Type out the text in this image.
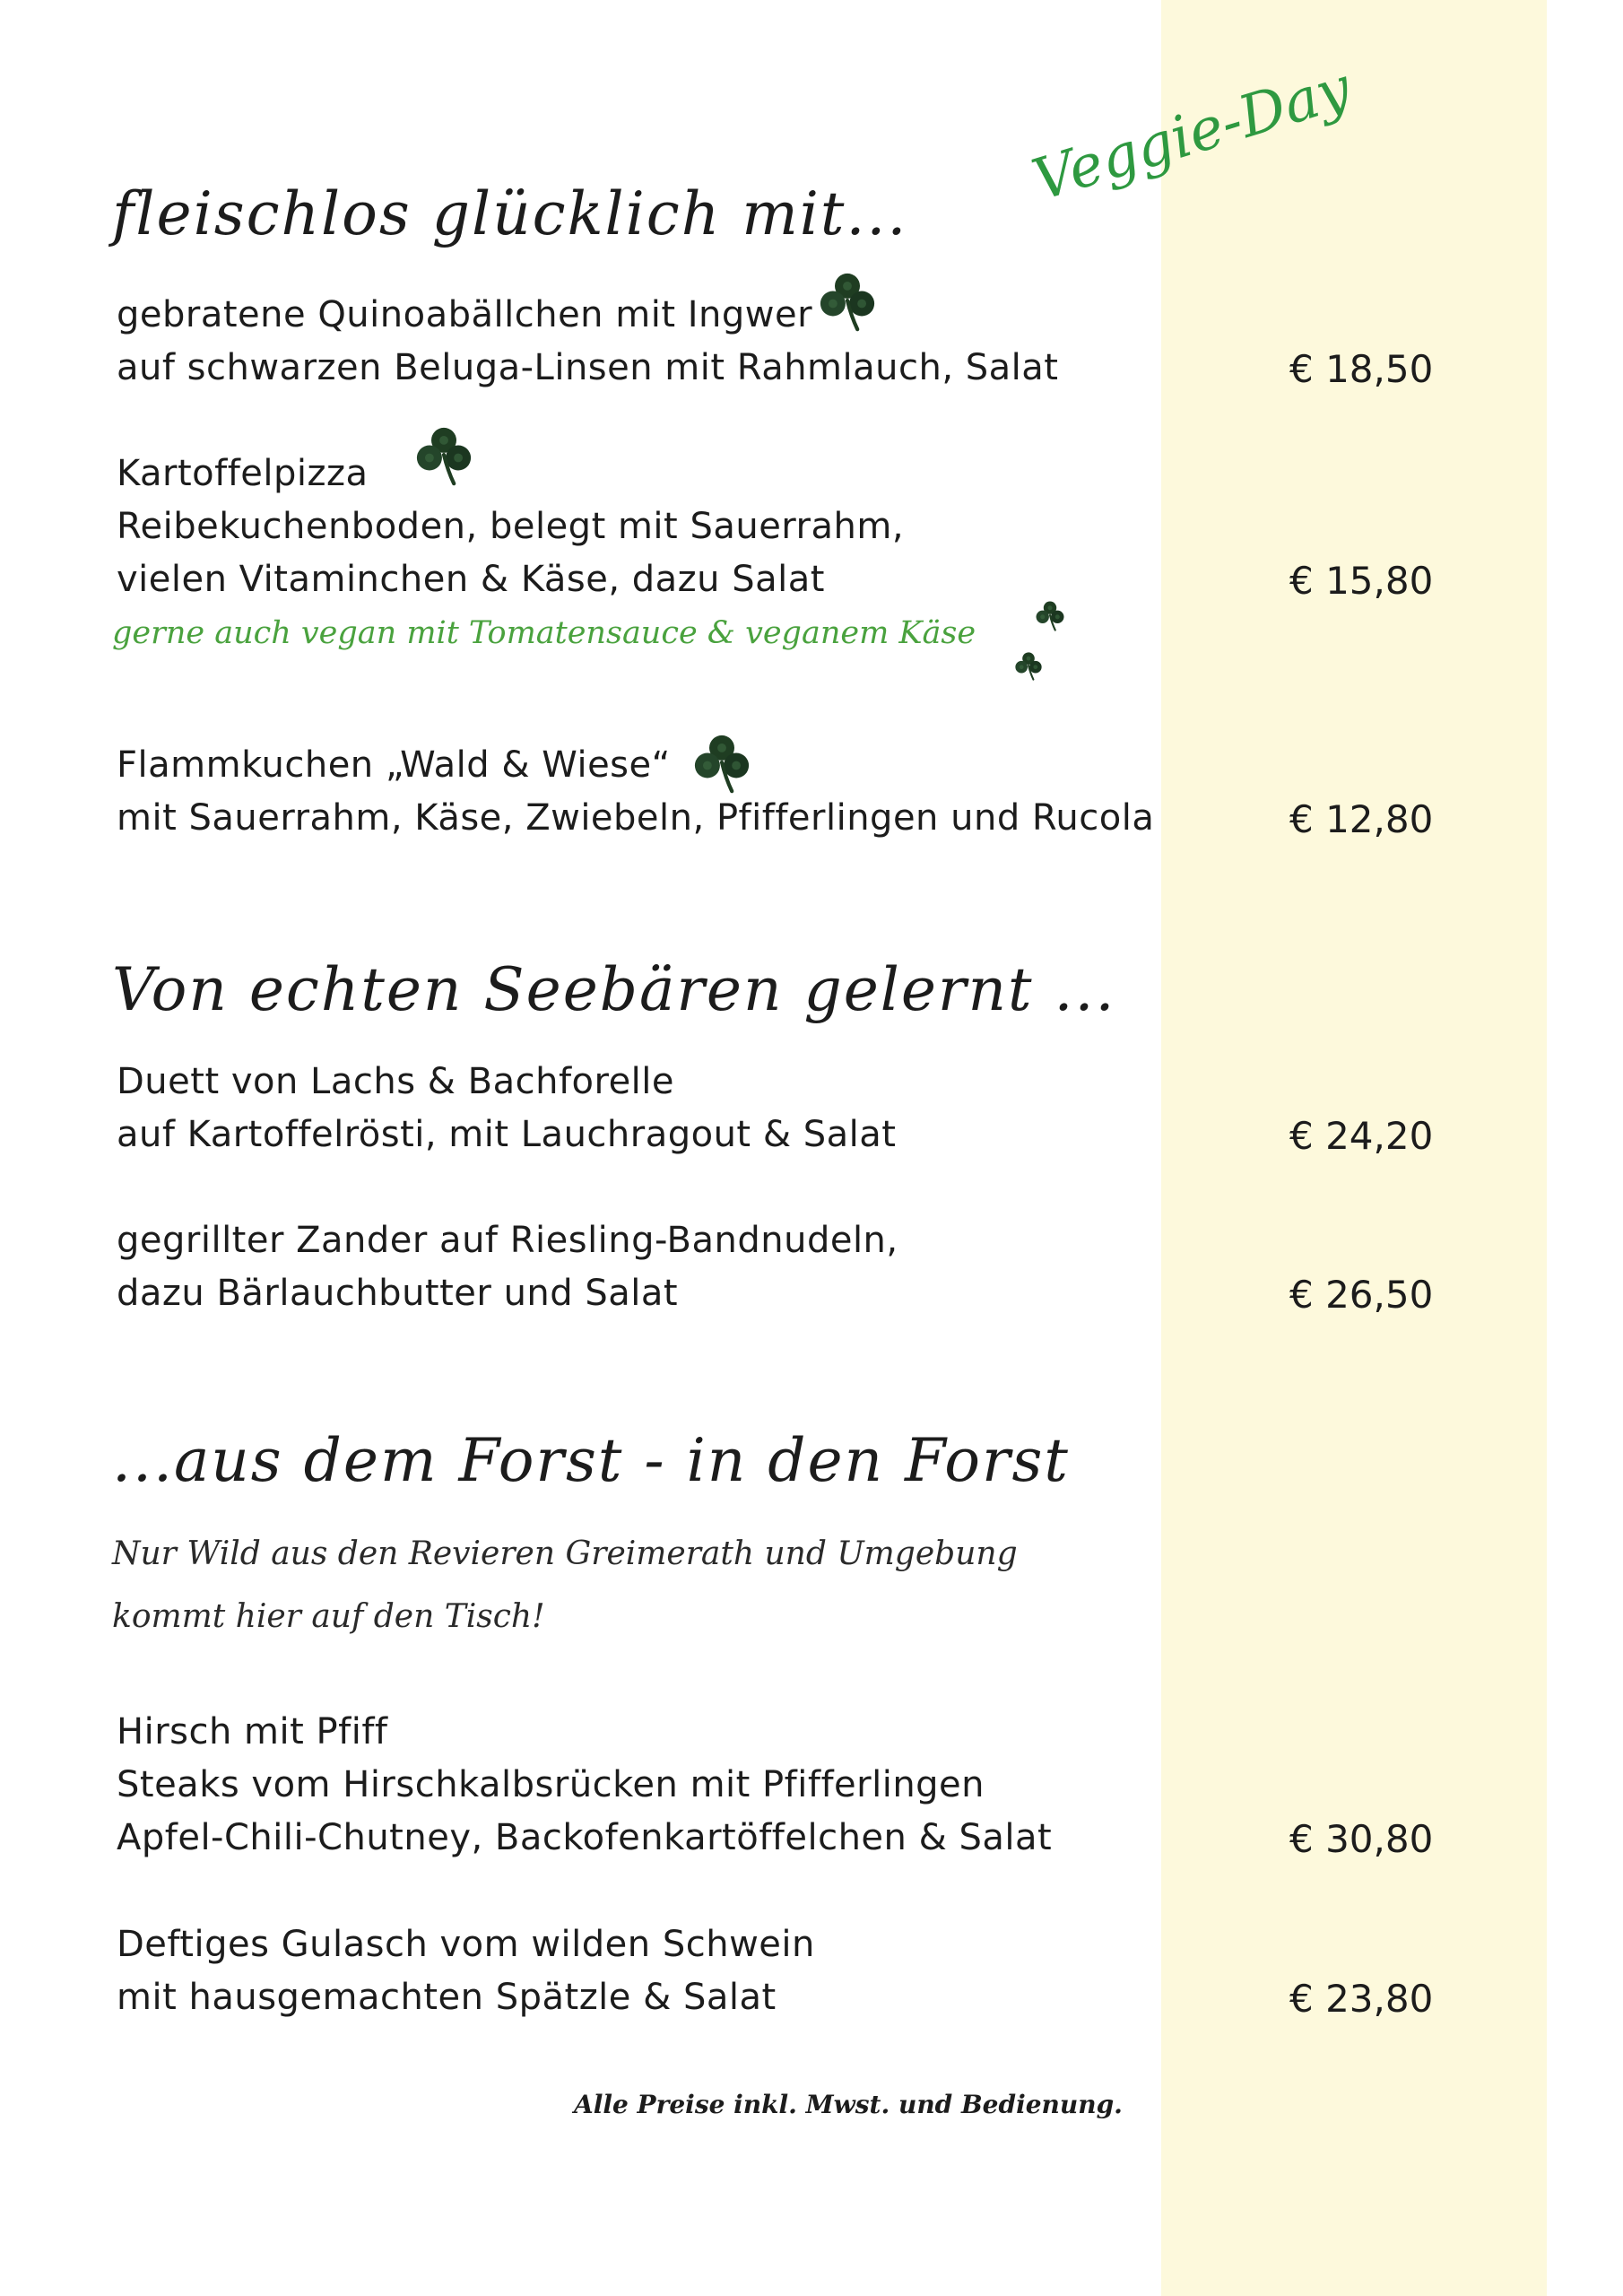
Veggie-Day
fleischlos glücklich mit...

gebratene Quinoabällchen mit Ingwer

auf schwarzen Beluga-Linsen mit Rahmlauch, Salat	€ 18,50

Kartoffelpizza

Reibekuchenboden, belegt mit Sauerrahm,

vielen Vitaminchen & Käse, dazu Salat	€ 15,80

gerne auch vegan mit Tomatensauce & veganem Käse

Flammkuchen „Wald & Wiese“

mit Sauerrahm, Käse, Zwiebeln, Pfifferlingen und Rucola	€ 12,80

Von echten Seebären gelernt ...

Duett von Lachs & Bachforelle

auf Kartoffelrösti, mit Lauchragout & Salat	€ 24,20

gegrillter Zander auf Riesling-Bandnudeln,

dazu Bärlauchbutter und Salat	€ 26,50

...aus dem Forst - in den Forst

Nur Wild aus den Revieren Greimerath und Umgebung

kommt hier auf den Tisch!

Hirsch mit Pfiff

Steaks vom Hirschkalbsrücken mit Pfifferlingen

Apfel-Chili-Chutney, Backofenkartöffelchen & Salat	€ 30,80

Deftiges Gulasch vom wilden Schwein

mit hausgemachten Spätzle & Salat	€ 23,80

Alle Preise inkl. Mwst. und Bedienung.
